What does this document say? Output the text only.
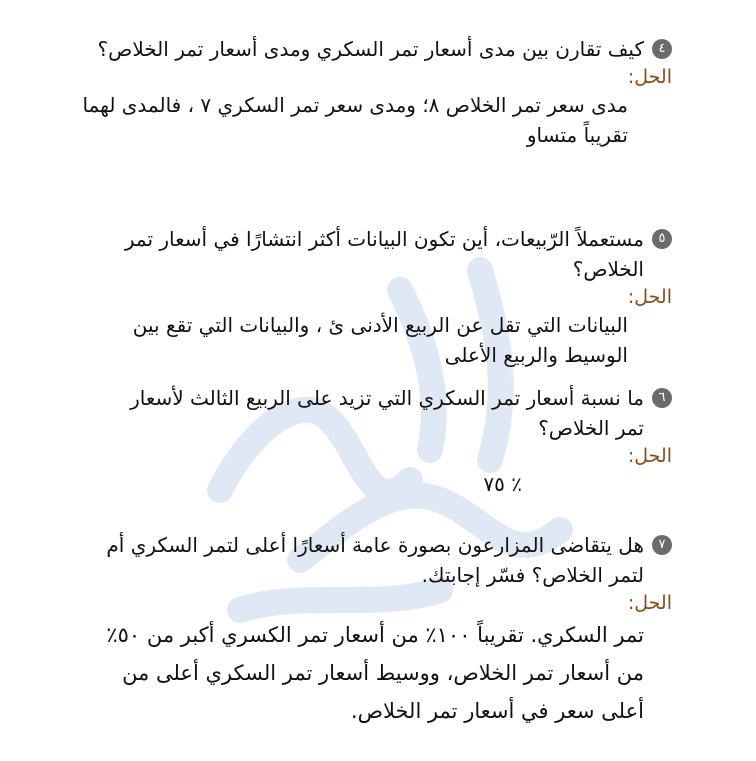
٤
كيف تقارن بين مدى أسعار تمر السكري ومدى أسعار تمر الخلاص؟
الحل:
مدى سعر تمر الخلاص ٨؛ ومدى سعر تمر السكري ٧ ، فالمدى لهما تقريباً متساو
٥
مستعملاً الرّبيعات، أين تكون البيانات أكثر انتشارًا في أسعار تمر الخلاص؟
الحل:
البيانات التي تقل عن الربيع الأدنى ئ ، والبيانات التي تقع بين الوسيط والربيع الأعلى
٦
ما نسبة أسعار تمر السكري التي تزيد على الربيع الثالث لأسعار تمر الخلاص؟
الحل:
٪ ٧٥
٧
هل يتقاضى المزارعون بصورة عامة أسعارًا أعلى لتمر السكري أم لتمر الخلاص؟ فسّر إجابتك.
الحل:
تمر السكري. تقريباً ١٠٠٪ من أسعار تمر الكسري أكبر من ٥٠٪ من أسعار تمر الخلاص، ووسيط أسعار تمر السكري أعلى من أعلى سعر في أسعار تمر الخلاص.
